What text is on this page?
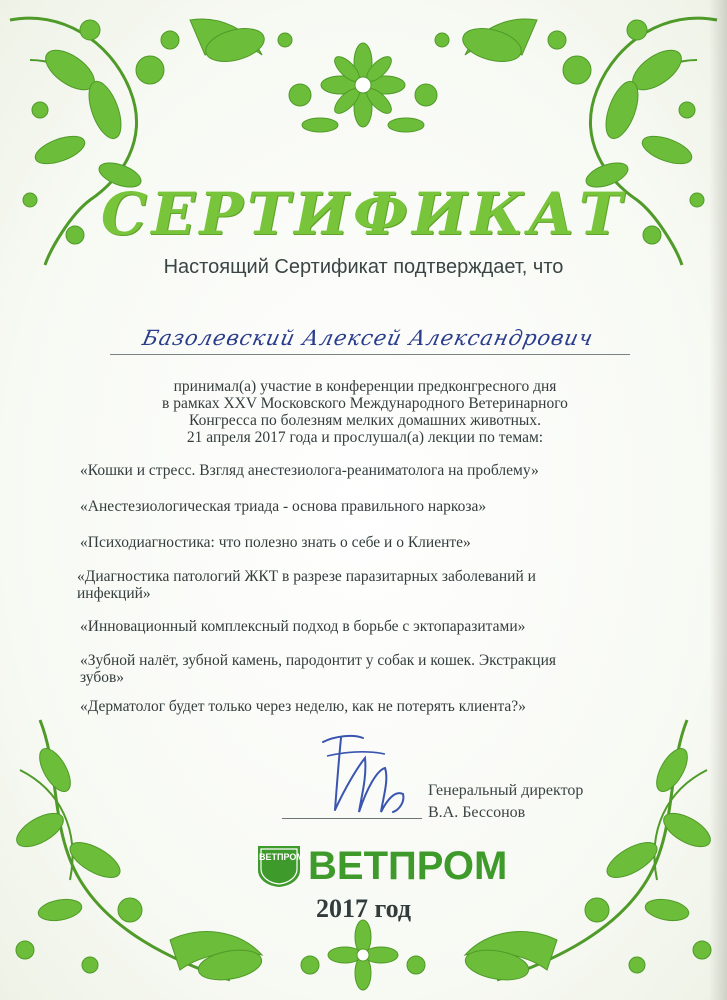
СЕРТИФИКАТ
Настоящий Сертификат подтверждает, что
Базолевский Алексей Александрович
принимал(а) участие в конференции предконгресного дня
в рамках XXV Московского Международного Ветеринарного
Конгресса по болезням мелких домашних животных.
21 апреля 2017 года и прослушал(а) лекции по темам:
«Кошки и стресс. Взгляд анестезиолога-реаниматолога на проблему»
«Анестезиологическая триада - основа правильного наркоза»
«Психодиагностика: что полезно знать о себе и о Клиенте»
«Диагностика патологий ЖКТ в разрезе паразитарных заболеваний и
инфекций»
«Инновационный комплексный подход в борьбе с эктопаразитами»
«Зубной налёт, зубной камень, пародонтит у собак и кошек. Экстракция
зубов»
«Дерматолог будет только через неделю, как не потерять клиента?»
Генеральный директор
В.А. Бессонов
ВЕТПРОМ ВЕТПРОМ
2017 год
